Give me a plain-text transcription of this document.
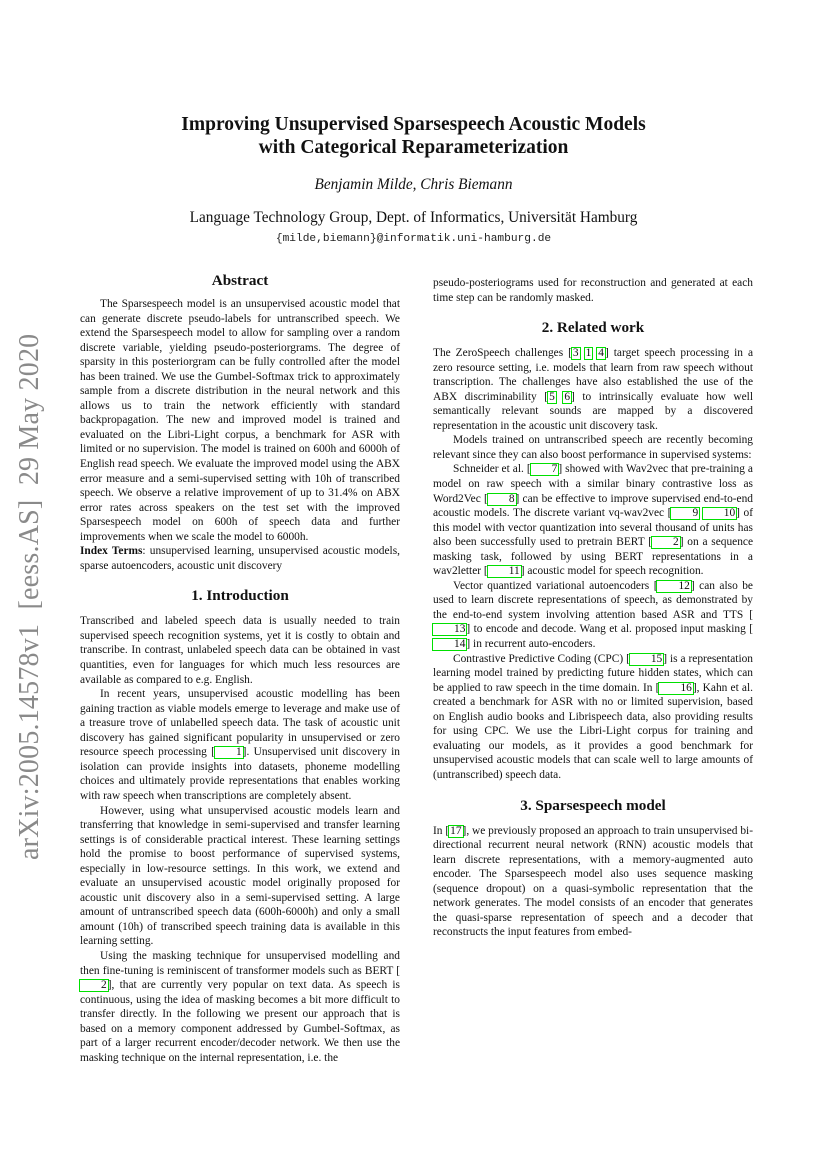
arXiv:2005.14578v1  [eess.AS]  29 May 2020
Improving Unsupervised Sparsespeech Acoustic Models
with Categorical Reparameterization
Benjamin Milde, Chris Biemann
Language Technology Group, Dept. of Informatics, Universität Hamburg
{milde,biemann}@informatik.uni-hamburg.de
Abstract

The Sparsespeech model is an unsupervised acoustic model that can generate discrete pseudo-labels for untranscribed speech. We extend the Sparsespeech model to allow for sampling over a random discrete variable, yielding pseudo-posteriorgrams. The degree of sparsity in this posteriorgram can be fully controlled after the model has been trained. We use the Gumbel-Softmax trick to approximately sample from a discrete distribution in the neural network and this allows us to train the network efficiently with standard backpropagation. The new and improved model is trained and evaluated on the Libri-Light corpus, a benchmark for ASR with limited or no supervision. The model is trained on 600h and 6000h of English read speech. We evaluate the improved model using the ABX error measure and a semi-supervised setting with 10h of transcribed speech. We observe a relative improvement of up to 31.4% on ABX error rates across speakers on the test set with the improved Sparsespeech model on 600h of speech data and further improvements when we scale the model to 6000h.

Index Terms: unsupervised learning, unsupervised acoustic models, sparse autoencoders, acoustic unit discovery

1. Introduction

Transcribed and labeled speech data is usually needed to train supervised speech recognition systems, yet it is costly to obtain and transcribe. In contrast, unlabeled speech data can be obtained in vast quantities, even for languages for which much less resources are available as compared to e.g. English.

In recent years, unsupervised acoustic modelling has been gaining traction as viable models emerge to leverage and make use of a treasure trove of unlabelled speech data. The task of acoustic unit discovery has gained significant popularity in unsupervised or zero resource speech processing [ 1]. Unsupervised unit discovery in isolation can provide insights into datasets, phoneme modelling choices and ultimately provide representations that enables working with raw speech when transcriptions are completely absent.

However, using what unsupervised acoustic models learn and transferring that knowledge in semi-supervised and transfer learning settings is of considerable practical interest. These learning settings hold the promise to boost performance of supervised systems, especially in low-resource settings. In this work, we extend and evaluate an unsupervised acoustic model originally proposed for acoustic unit discovery also in a semi-supervised setting. A large amount of untranscribed speech data (600h-6000h) and only a small amount (10h) of transcribed speech training data is available in this learning setting.

Using the masking technique for unsupervised modelling and then fine-tuning is reminiscent of transformer models such as BERT [2], that are currently very popular on text data. As speech is continuous, using the idea of masking becomes a bit more difficult to transfer directly. In the following we present our approach that is based on a memory component addressed by Gumbel-Softmax, as part of a larger recurrent encoder/decoder network. We then use the masking technique on the internal representation, i.e. the

pseudo-posteriograms used for reconstruction and generated at each time step can be randomly masked.

2. Related work

The ZeroSpeech challenges [3 1 4] target speech processing in a zero resource setting, i.e. models that learn from raw speech without transcription. The challenges have also established the use of the ABX discriminability [5 6] to intrinsically evaluate how well semantically relevant sounds are mapped by a discovered representation in the acoustic unit discovery task.

Models trained on untranscribed speech are recently becoming relevant since they can also boost performance in supervised systems:

Schneider et al. [ 7] showed with Wav2vec that pre-training a model on raw speech with a similar binary contrastive loss as Word2Vec [ 8] can be effective to improve supervised end-to-end acoustic models. The discrete variant vq-wav2vec [ 9 10] of this model with vector quantization into several thousand of units has also been successfully used to pretrain BERT [ 2] on a sequence masking task, followed by using BERT representations in a wav2letter [ 11] acoustic model for speech recognition.

Vector quantized variational autoencoders [ 12] can also be used to learn discrete representations of speech, as demonstrated by the end-to-end system involving attention based ASR and TTS [13] to encode and decode. Wang et al. proposed input masking [14] in recurrent auto-encoders.

Contrastive Predictive Coding (CPC) [ 15] is a representation learning model trained by predicting future hidden states, which can be applied to raw speech in the time domain. In [ 16], Kahn et al. created a benchmark for ASR with no or limited supervision, based on English audio books and Librispeech data, also providing results for using CPC. We use the Libri-Light corpus for training and evaluating our models, as it provides a good benchmark for unsupervised acoustic models that can scale well to large amounts of (untranscribed) speech data.

3. Sparsespeech model

In [17], we previously proposed an approach to train unsupervised bi-directional recurrent neural network (RNN) acoustic models that learn discrete representations, with a memory-augmented auto encoder. The Sparsespeech model also uses sequence masking (sequence dropout) on a quasi-symbolic representation that the network generates. The model consists of an encoder that generates the quasi-sparse representation of speech and a decoder that reconstructs the input features from embed-
